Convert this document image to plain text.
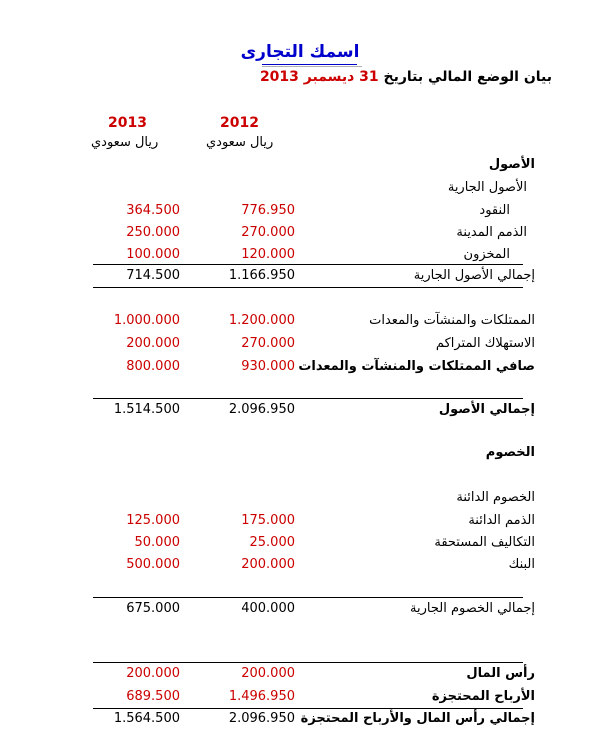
اسمك التجارى
بيان الوضع المالي بتاريخ 31 ديسمبر 2013
2012
2013
ريال سعودي
ريال سعودي
الأصول
الأصول الجارية
النقود
776.950
364.500
الذمم المدينة
270.000
250.000
المخزون
120.000
100.000
إجمالي الأصول الجارية
1.166.950
714.500
الممتلكات والمنشآت والمعدات
1.200.000
1.000.000
الاستهلاك المتراكم
270.000
200.000
صافي الممتلكات والمنشآت والمعدات
930.000
800.000
إجمالي الأصول
2.096.950
1.514.500
الخصوم
الخصوم الدائنة
الذمم الدائنة
175.000
125.000
التكاليف المستحقة
25.000
50.000
البنك
200.000
500.000
إجمالي الخصوم الجارية
400.000
675.000
رأس المال
200.000
200.000
الأرباح المحتجزة
1.496.950
689.500
إجمالي رأس المال والأرباح المحتجزة
2.096.950
1.564.500
